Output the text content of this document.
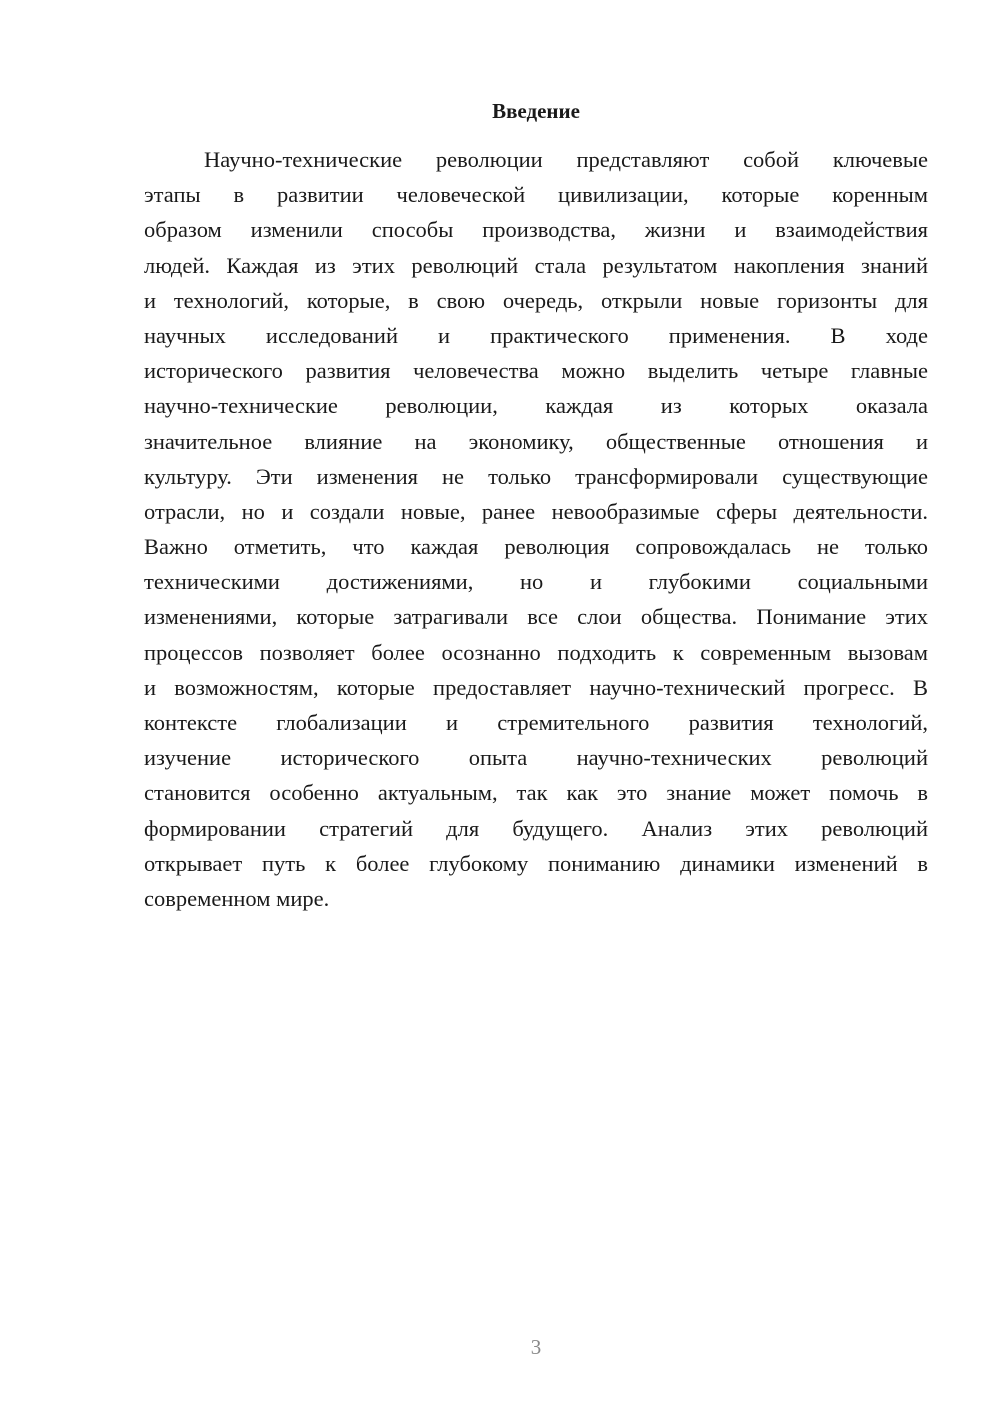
Введение
Научно-технические революции представляют собой ключевые
этапы в развитии человеческой цивилизации, которые коренным
образом изменили способы производства, жизни и взаимодействия
людей. Каждая из этих революций стала результатом накопления знаний
и технологий, которые, в свою очередь, открыли новые горизонты для
научных исследований и практического применения. В ходе
исторического развития человечества можно выделить четыре главные
научно-технические революции, каждая из которых оказала
значительное влияние на экономику, общественные отношения и
культуру. Эти изменения не только трансформировали существующие
отрасли, но и создали новые, ранее невообразимые сферы деятельности.
Важно отметить, что каждая революция сопровождалась не только
техническими достижениями, но и глубокими социальными
изменениями, которые затрагивали все слои общества. Понимание этих
процессов позволяет более осознанно подходить к современным вызовам
и возможностям, которые предоставляет научно-технический прогресс. В
контексте глобализации и стремительного развития технологий,
изучение исторического опыта научно-технических революций
становится особенно актуальным, так как это знание может помочь в
формировании стратегий для будущего. Анализ этих революций
открывает путь к более глубокому пониманию динамики изменений в
современном мире.
3
